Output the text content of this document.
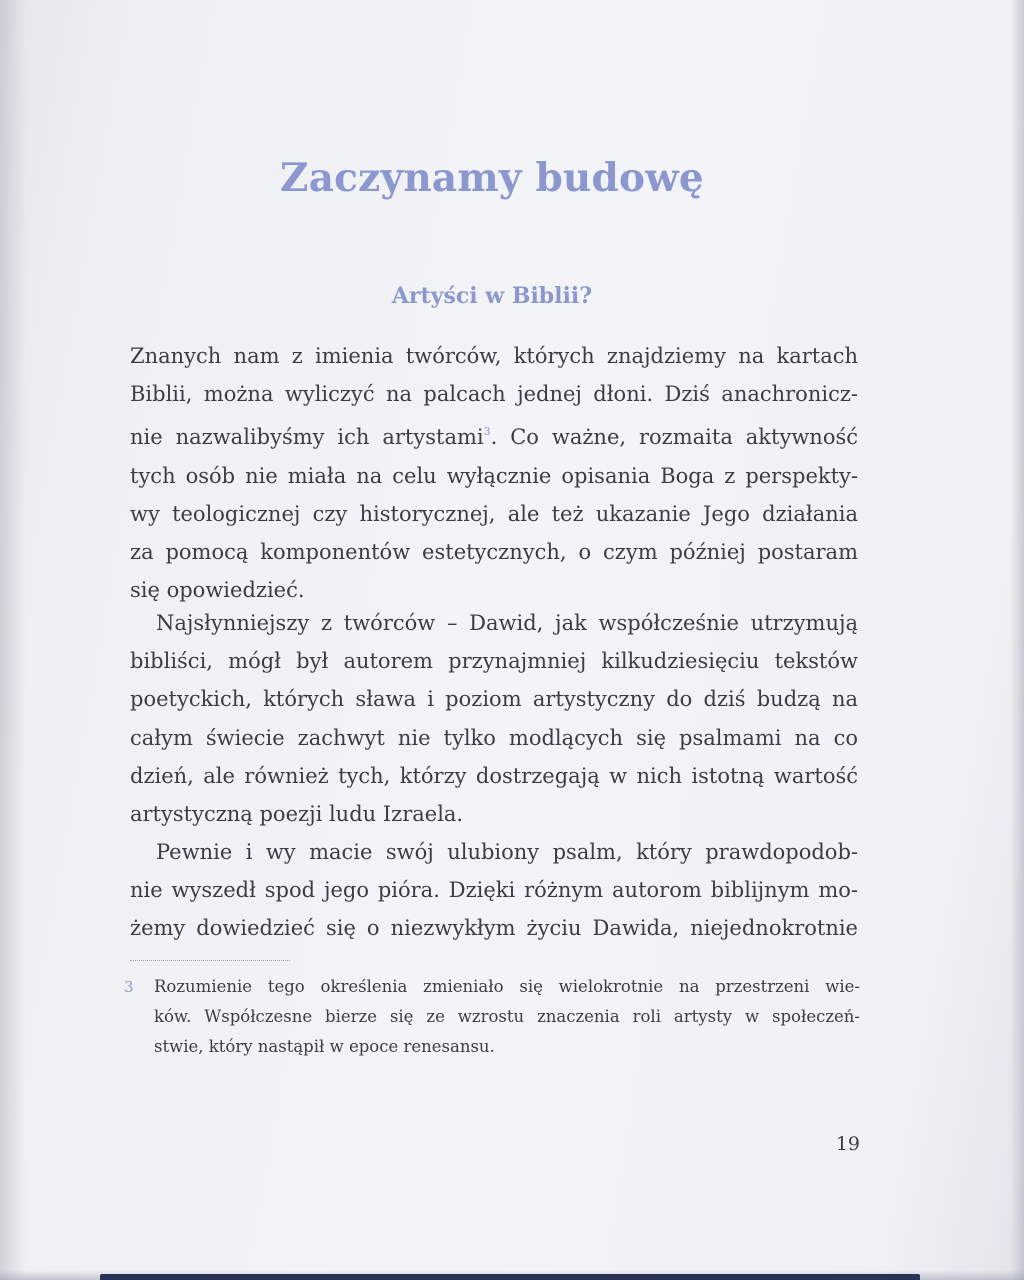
Zaczynamy budowę
Artyści w Biblii?
Znanych nam z imienia twórców, których znajdziemy na kartach
Biblii, można wyliczyć na palcach jednej dłoni. Dziś anachronicz-
nie nazwalibyśmy ich artystami$^3$. Co ważne, rozmaita aktywność
tych osób nie miała na celu wyłącznie opisania Boga z perspekty-
wy teologicznej czy historycznej, ale też ukazanie Jego działania
za pomocą komponentów estetycznych, o czym później postaram
się opowiedzieć.
Najsłynniejszy z twórców – Dawid, jak współcześnie utrzymują
bibliści, mógł był autorem przynajmniej kilkudziesięciu tekstów
poetyckich, których sława i poziom artystyczny do dziś budzą na
całym świecie zachwyt nie tylko modlących się psalmami na co
dzień, ale również tych, którzy dostrzegają w nich istotną wartość
artystyczną poezji ludu Izraela.
Pewnie i wy macie swój ulubiony psalm, który prawdopodob-
nie wyszedł spod jego pióra. Dzięki różnym autorom biblijnym mo-
żemy dowiedzieć się o niezwykłym życiu Dawida, niejednokrotnie
3 Rozumienie tego określenia zmieniało się wielokrotnie na przestrzeni wie-
ków. Współczesne bierze się ze wzrostu znaczenia roli artysty w społeczeń-
stwie, który nastąpił w epoce renesansu.
19
